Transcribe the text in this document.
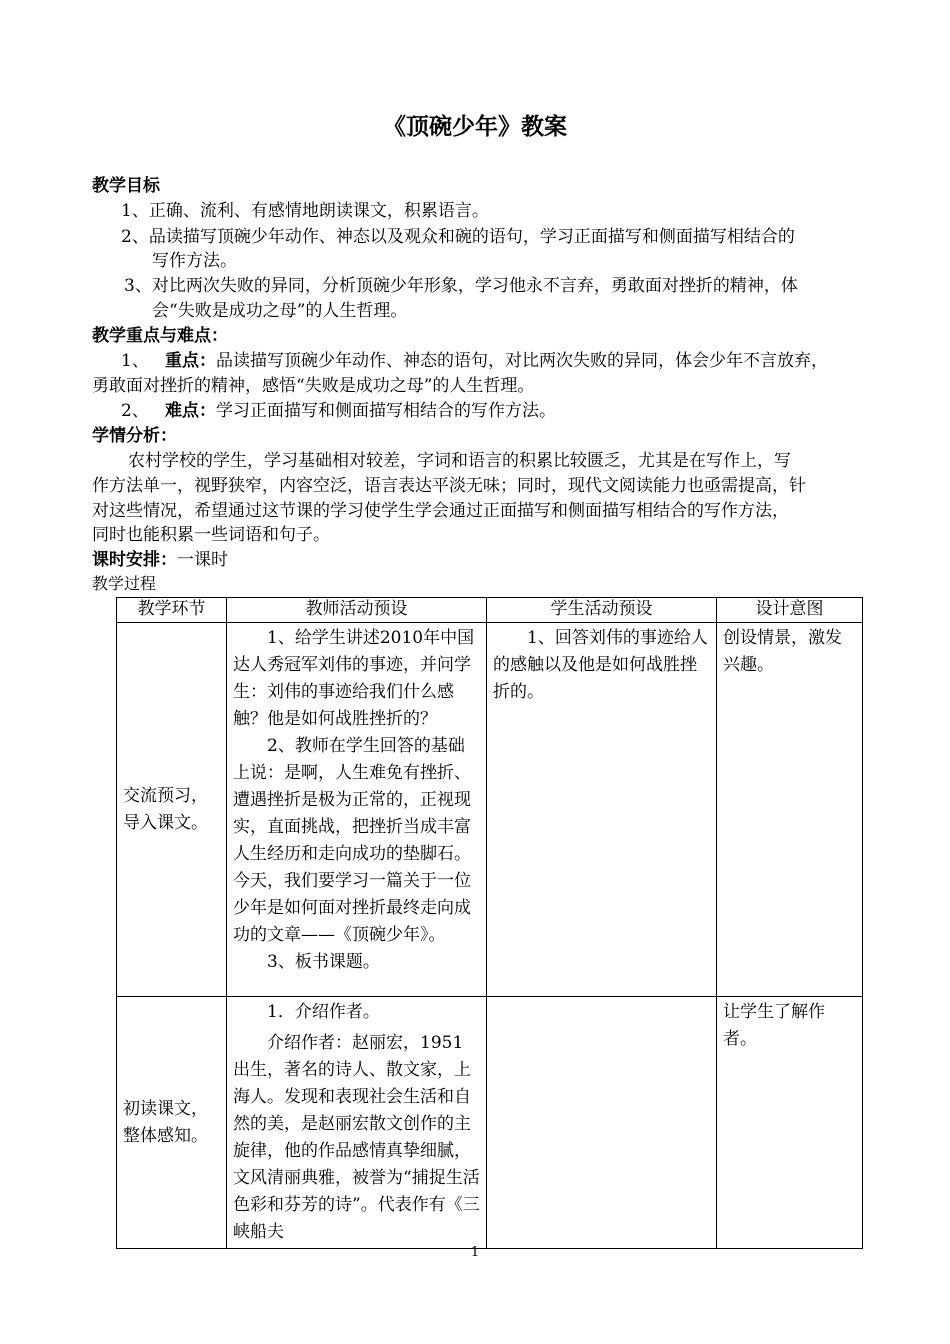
《顶碗少年》教案
教学目标
1、正确、流利、有感情地朗读课文，积累语言。
2、品读描写顶碗少年动作、神态以及观众和碗的语句，学习正面描写和侧面描写相结合的
写作方法。
3、对比两次失败的异同，分析顶碗少年形象，学习他永不言弃，勇敢面对挫折的精神，体
会“失败是成功之母”的人生哲理。
教学重点与难点：
1、 重点：品读描写顶碗少年动作、神态的语句，对比两次失败的异同，体会少年不言放弃，
勇敢面对挫折的精神，感悟“失败是成功之母”的人生哲理。
2、 难点：学习正面描写和侧面描写相结合的写作方法。
学情分析：
农村学校的学生，学习基础相对较差，字词和语言的积累比较匮乏，尤其是在写作上，写
作方法单一，视野狭窄，内容空泛，语言表达平淡无味；同时，现代文阅读能力也亟需提高，针
对这些情况，希望通过这节课的学习使学生学会通过正面描写和侧面描写相结合的写作方法，
同时也能积累一些词语和句子。
课时安排：一课时
教学过程
教学环节	教师活动预设	学生活动预设	设计意图
交流预习，导入课文。	1、给学生讲述2010年中国达人秀冠军刘伟的事迹，并问学生：刘伟的事迹给我们什么感触？他是如何战胜挫折的？

2、教师在学生回答的基础上说：是啊，人生难免有挫折、遭遇挫折是极为正常的，正视现实，直面挑战，把挫折当成丰富人生经历和走向成功的垫脚石。今天，我们要学习一篇关于一位少年是如何面对挫折最终走向成功的文章——《顶碗少年》。

3、板书课题。	1、回答刘伟的事迹给人的感触以及他是如何战胜挫折的。	创设情景，激发兴趣。
初读课文，整体感知。	1．介绍作者。

介绍作者：赵丽宏，1951出生，著名的诗人、散文家，上海人。发现和表现社会生活和自然的美，是赵丽宏散文创作的主旋律，他的作品感情真挚细腻，文风清丽典雅，被誉为“捕捉生活色彩和芬芳的诗”。代表作有《三峡船夫		让学生了解作者。
1
